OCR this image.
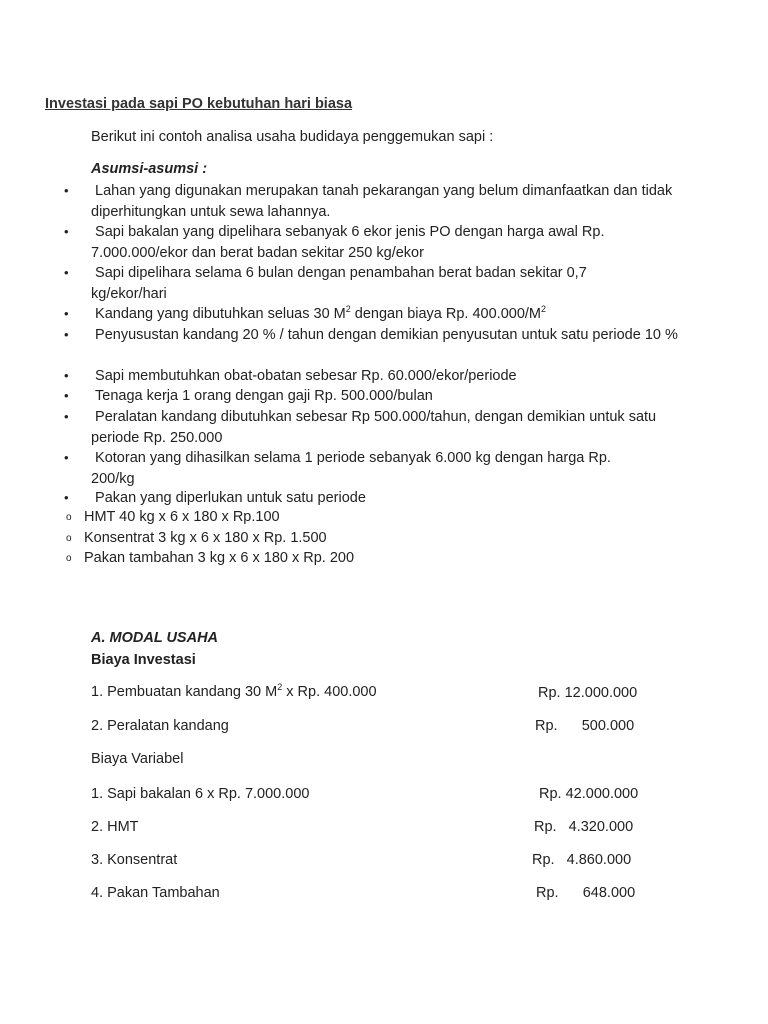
Investasi pada sapi PO kebutuhan hari biasa
Berikut ini contoh analisa usaha budidaya penggemukan sapi :
Asumsi-asumsi :
• Lahan yang digunakan merupakan tanah pekarangan yang belum dimanfaatkan dan tidak diperhitungkan untuk sewa lahannya.
• Sapi bakalan yang dipelihara sebanyak 6 ekor jenis PO dengan harga awal Rp. 7.000.000/ekor dan berat badan sekitar 250 kg/ekor
• Sapi dipelihara selama 6 bulan dengan penambahan berat badan sekitar 0,7 kg/ekor/hari
• Kandang yang dibutuhkan seluas 30 $M^2$ dengan biaya Rp. $400.000/M^2$
• Penyusustan kandang 20 % / tahun dengan demikian penyusutan untuk satu periode 10 %
• Sapi membutuhkan obat-obatan sebesar Rp. 60.000/ekor/periode
• Tenaga kerja 1 orang dengan gaji Rp. 500.000/bulan
• Peralatan kandang dibutuhkan sebesar Rp 500.000/tahun, dengan demikian untuk satu periode Rp. 250.000
• Kotoran yang dihasilkan selama 1 periode sebanyak 6.000 kg dengan harga Rp. 200/kg
• Pakan yang diperlukan untuk satu periode
o HMT 40 kg x 6 x 180 x Rp.100
o Konsentrat 3 kg x 6 x 180 x Rp. 1.500
o Pakan tambahan 3 kg x 6 x 180 x Rp. 200
A. MODAL USAHA
Biaya Investasi
1. Pembuatan kandang 30 $M^2$ x Rp. 400.000	Rp. 12.000.000
2. Peralatan kandang	Rp.      500.000
Biaya Variabel
1. Sapi bakalan 6 x Rp. 7.000.000	Rp. 42.000.000
2. HMT	Rp.   4.320.000
3. Konsentrat	Rp.   4.860.000
4. Pakan Tambahan	Rp.      648.000
